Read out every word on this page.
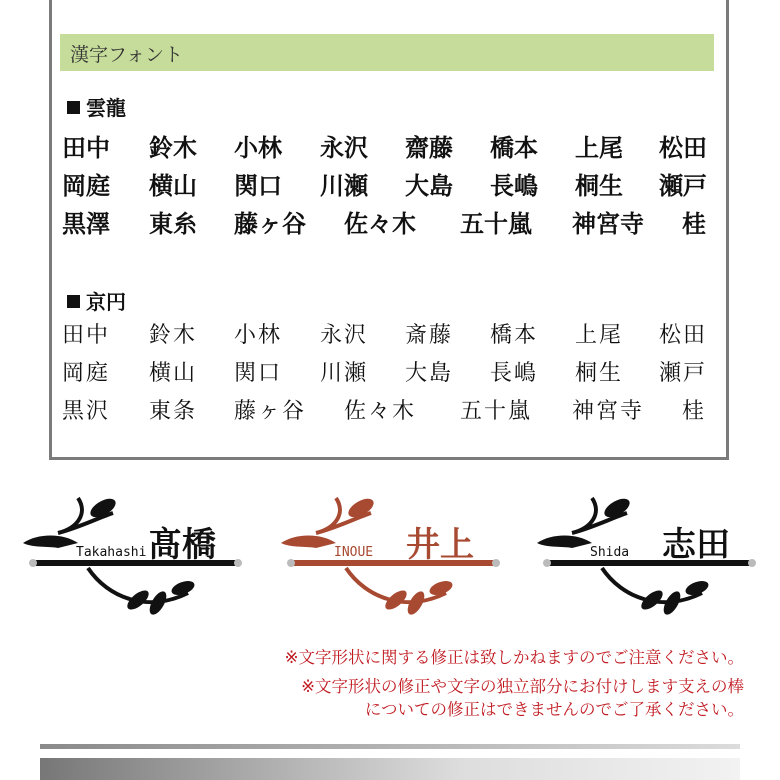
漢字フォント
雲龍
田中 鈴木 小林 永沢 齋藤 橋本 上尾 松田
岡庭 横山 関口 川瀬 大島 長嶋 桐生 瀬戸
黒澤 東糸 藤ヶ谷 佐々木 五十嵐 神宮寺 桂
京円
田中 鈴木 小林 永沢 斎藤 橋本 上尾 松田
岡庭 横山 関口 川瀬 大島 長嶋 桐生 瀬戸
黒沢 東条 藤ヶ谷 佐々木 五十嵐 神宮寺 桂
Takahashi 髙橋	INOUE 井上	Shida 志田
※文字形状に関する修正は致しかねますのでご注意ください。
※文字形状の修正や文字の独立部分にお付けします支えの棒
についての修正はできませんのでご了承ください。
